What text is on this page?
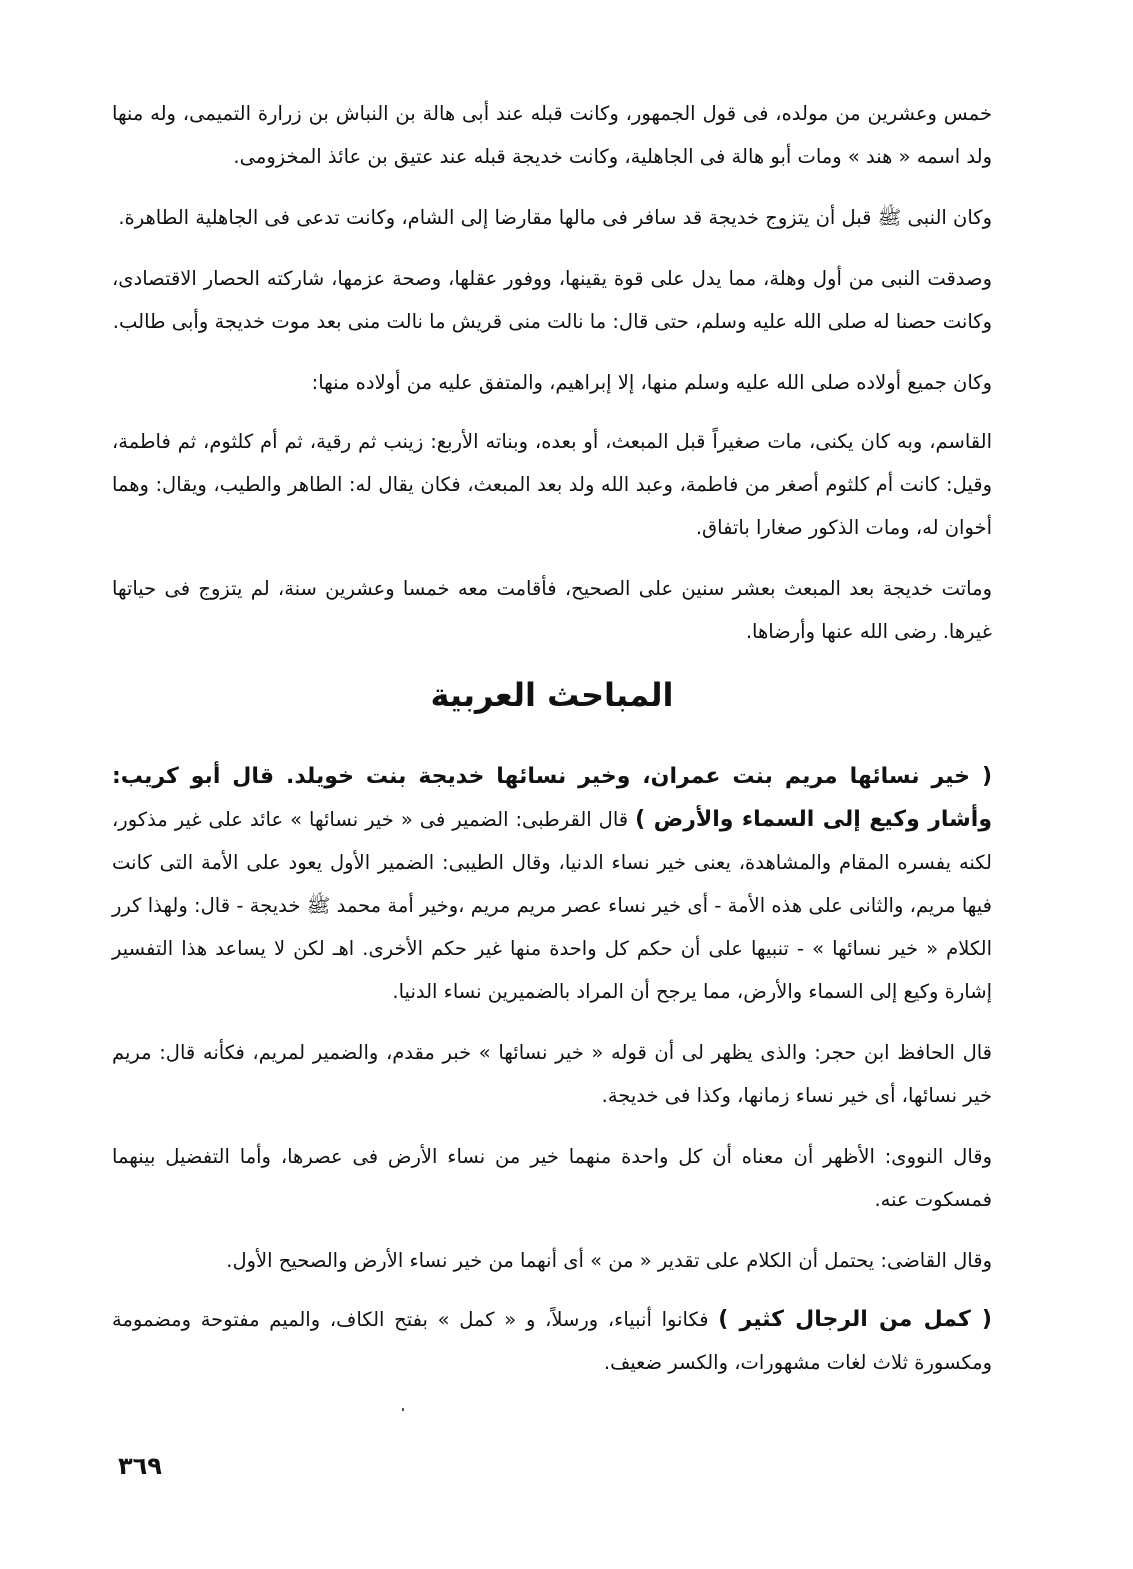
خمس وعشرين من مولده، فى قول الجمهور، وكانت قبله عند أبى هالة بن النباش بن زرارة التميمى، وله منها ولد اسمه « هند » ومات أبو هالة فى الجاهلية، وكانت خديجة قبله عند عتيق بن عائذ المخزومى.

وكان النبى ﷺ قبل أن يتزوج خديجة قد سافر فى مالها مقارضا إلى الشام، وكانت تدعى فى الجاهلية الطاهرة.

وصدقت النبى من أول وهلة، مما يدل على قوة يقينها، ووفور عقلها، وصحة عزمها، شاركته الحصار الاقتصادى، وكانت حصنا له صلى الله عليه وسلم، حتى قال: ما نالت منى قريش ما نالت منى بعد موت خديجة وأبى طالب.

وكان جميع أولاده صلى الله عليه وسلم منها، إلا إبراهيم، والمتفق عليه من أولاده منها:

القاسم، وبه كان يكنى، مات صغيراً قبل المبعث، أو بعده، وبناته الأربع: زينب ثم رقية، ثم أم كلثوم، ثم فاطمة، وقيل: كانت أم كلثوم أصغر من فاطمة، وعبد الله ولد بعد المبعث، فكان يقال له: الطاهر والطيب، ويقال: وهما أخوان له، ومات الذكور صغارا باتفاق.

وماتت خديجة بعد المبعث بعشر سنين على الصحيح، فأقامت معه خمسا وعشرين سنة، لم يتزوج فى حياتها غيرها. رضى الله عنها وأرضاها.

المباحث العربية

( خير نسائها مريم بنت عمران، وخير نسائها خديجة بنت خويلد. قال أبو كريب: وأشار وكيع إلى السماء والأرض ) قال القرطبى: الضمير فى « خير نسائها » عائد على غير مذكور، لكنه يفسره المقام والمشاهدة، يعنى خير نساء الدنيا، وقال الطيبى: الضمير الأول يعود على الأمة التى كانت فيها مريم، والثانى على هذه الأمة - أى خير نساء عصر مريم مريم ،وخير أمة محمد ﷺ خديجة - قال: ولهذا كرر الكلام « خير نسائها » - تنبيها على أن حكم كل واحدة منها غير حكم الأخرى. اهـ لكن لا يساعد هذا التفسير إشارة وكيع إلى السماء والأرض، مما يرجح أن المراد بالضميرين نساء الدنيا.

قال الحافظ ابن حجر: والذى يظهر لى أن قوله « خير نسائها » خبر مقدم، والضمير لمريم، فكأنه قال: مريم خير نسائها، أى خير نساء زمانها، وكذا فى خديجة.

وقال النووى: الأظهر أن معناه أن كل واحدة منهما خير من نساء الأرض فى عصرها، وأما التفضيل بينهما فمسكوت عنه.

وقال القاضى: يحتمل أن الكلام على تقدير « من » أى أنهما من خير نساء الأرض والصحيح الأول.

( كمل من الرجال كثير ) فكانوا أنبياء، ورسلاً، و « كمل » بفتح الكاف، والميم مفتوحة ومضمومة ومكسورة ثلاث لغات مشهورات، والكسر ضعيف.

٣٦٩
